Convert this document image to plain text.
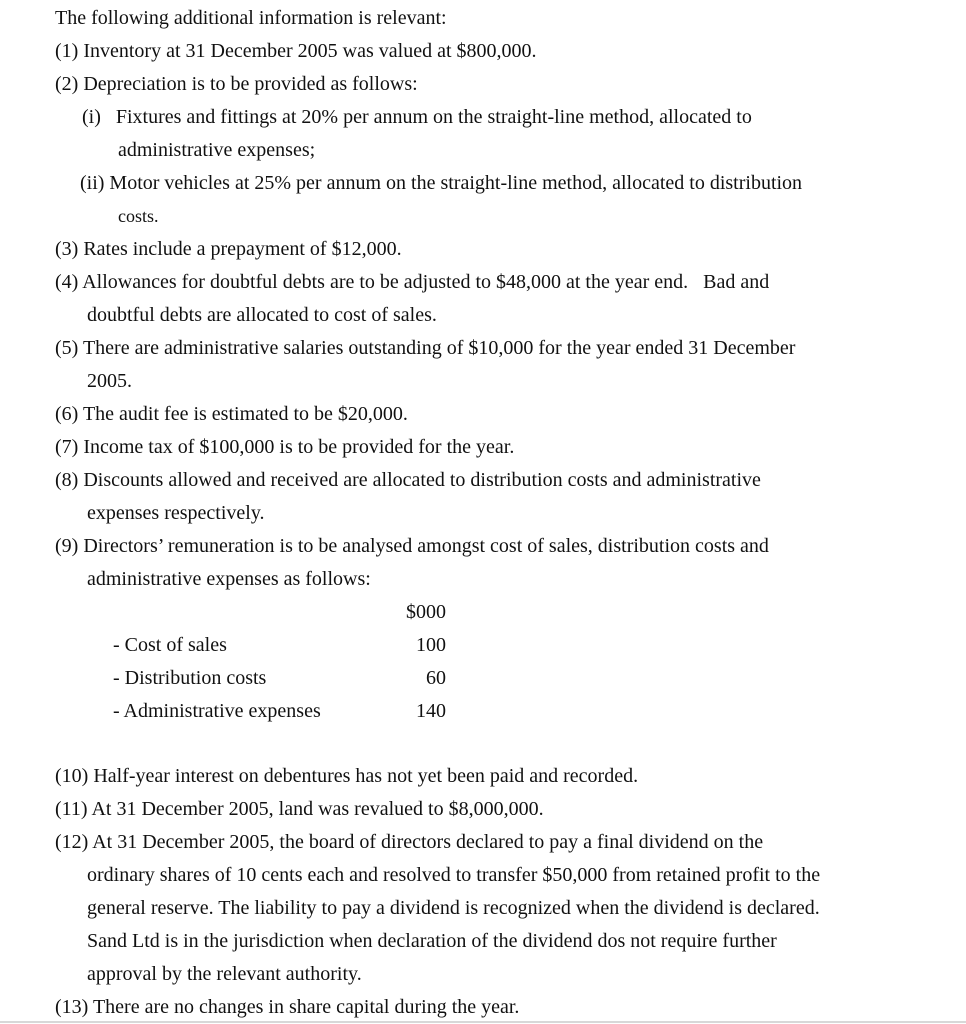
The following additional information is relevant:

(1) Inventory at 31 December 2005 was valued at $800,000.

(2) Depreciation is to be provided as follows:

(i)   Fixtures and fittings at 20% per annum on the straight-line method, allocated to

administrative expenses;

(ii) Motor vehicles at 25% per annum on the straight-line method, allocated to distribution

costs.

(3) Rates include a prepayment of $12,000.

(4) Allowances for doubtful debts are to be adjusted to $48,000 at the year end.   Bad and

doubtful debts are allocated to cost of sales.

(5) There are administrative salaries outstanding of $10,000 for the year ended 31 December

2005.

(6) The audit fee is estimated to be $20,000.

(7) Income tax of $100,000 is to be provided for the year.

(8) Discounts allowed and received are allocated to distribution costs and administrative

expenses respectively.

(9) Directors’ remuneration is to be analysed amongst cost of sales, distribution costs and

administrative expenses as follows:

$000
- Cost of sales	100
- Distribution costs	60
- Administrative expenses	140

(10) Half-year interest on debentures has not yet been paid and recorded.

(11) At 31 December 2005, land was revalued to $8,000,000.

(12) At 31 December 2005, the board of directors declared to pay a final dividend on the

ordinary shares of 10 cents each and resolved to transfer $50,000 from retained profit to the

general reserve. The liability to pay a dividend is recognized when the dividend is declared.

Sand Ltd is in the jurisdiction when declaration of the dividend dos not require further

approval by the relevant authority.

(13) There are no changes in share capital during the year.
